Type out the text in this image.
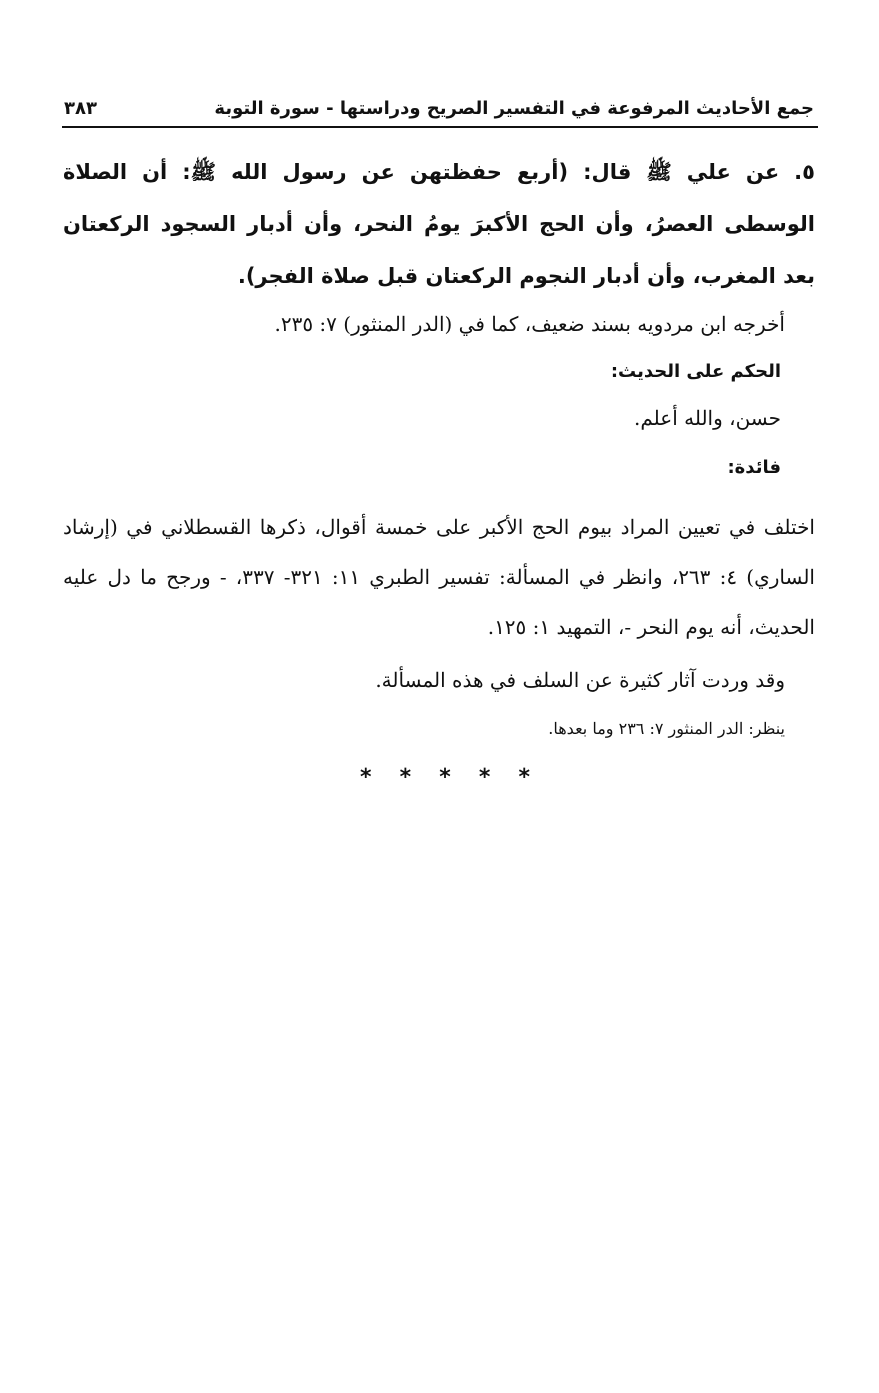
جمع الأحاديث المرفوعة في التفسير الصريح ودراستها - سورة التوبة
٣٨٣
٥. عن علي ﷺ قال: (أربع حفظتهن عن رسول الله ﷺ: أن الصلاة الوسطى العصرُ، وأن الحج الأكبرَ يومُ النحر، وأن أدبار السجود الركعتان بعد المغرب، وأن أدبار النجوم الركعتان قبل صلاة الفجر).
أخرجه ابن مردويه بسند ضعيف، كما في (الدر المنثور) ٧: ٢٣٥.
الحكم على الحديث:
حسن، والله أعلم.
فائدة:
اختلف في تعيين المراد بيوم الحج الأكبر على خمسة أقوال، ذكرها القسطلاني في (إرشاد الساري) ٤: ٢٦٣، وانظر في المسألة: تفسير الطبري ١١: ٣٢١- ٣٣٧، - ورجح ما دل عليه الحديث، أنه يوم النحر -، التمهيد ١: ١٢٥.
وقد وردت آثار كثيرة عن السلف في هذه المسألة.
ينظر: الدر المنثور ٧: ٢٣٦ وما بعدها.
* * * * *
